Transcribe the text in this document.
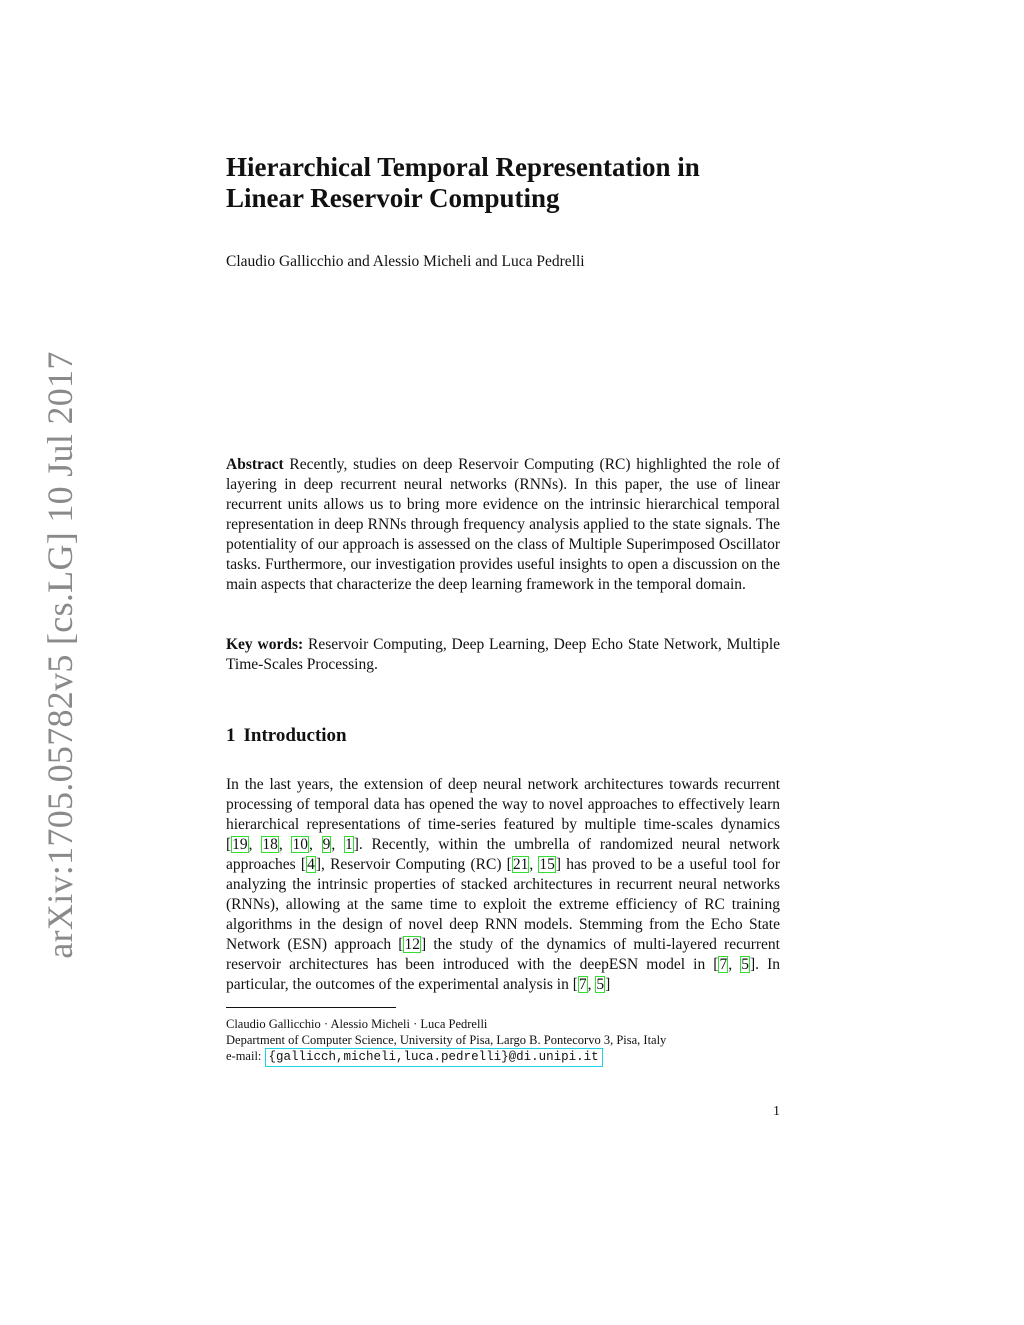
arXiv:1705.05782v5 [cs.LG] 10 Jul 2017
Hierarchical Temporal Representation in Linear Reservoir Computing
Claudio Gallicchio and Alessio Micheli and Luca Pedrelli

Abstract Recently, studies on deep Reservoir Computing (RC) highlighted the role of layering in deep recurrent neural networks (RNNs). In this paper, the use of linear recurrent units allows us to bring more evidence on the intrinsic hierarchical temporal representation in deep RNNs through frequency analysis applied to the state signals. The potentiality of our approach is assessed on the class of Multiple Superimposed Oscillator tasks. Furthermore, our investigation provides useful insights to open a discussion on the main aspects that characterize the deep learning framework in the temporal domain.

Key words: Reservoir Computing, Deep Learning, Deep Echo State Network, Multiple Time-Scales Processing.

1 Introduction

In the last years, the extension of deep neural network architectures towards recurrent processing of temporal data has opened the way to novel approaches to effectively learn hierarchical representations of time-series featured by multiple time-scales dynamics [19, 18, 10, 9, 1]. Recently, within the umbrella of randomized neural network approaches [4], Reservoir Computing (RC) [21, 15] has proved to be a useful tool for analyzing the intrinsic properties of stacked architectures in recurrent neural networks (RNNs), allowing at the same time to exploit the extreme efficiency of RC training algorithms in the design of novel deep RNN models. Stemming from the Echo State Network (ESN) approach [12] the study of the dynamics of multi-layered recurrent reservoir architectures has been introduced with the deepESN model in [7, 5]. In particular, the outcomes of the experimental analysis in [7, 5]

Claudio Gallicchio · Alessio Micheli · Luca Pedrelli
Department of Computer Science, University of Pisa, Largo B. Pontecorvo 3, Pisa, Italy
e-mail: {gallicch,micheli,luca.pedrelli}@di.unipi.it
1
